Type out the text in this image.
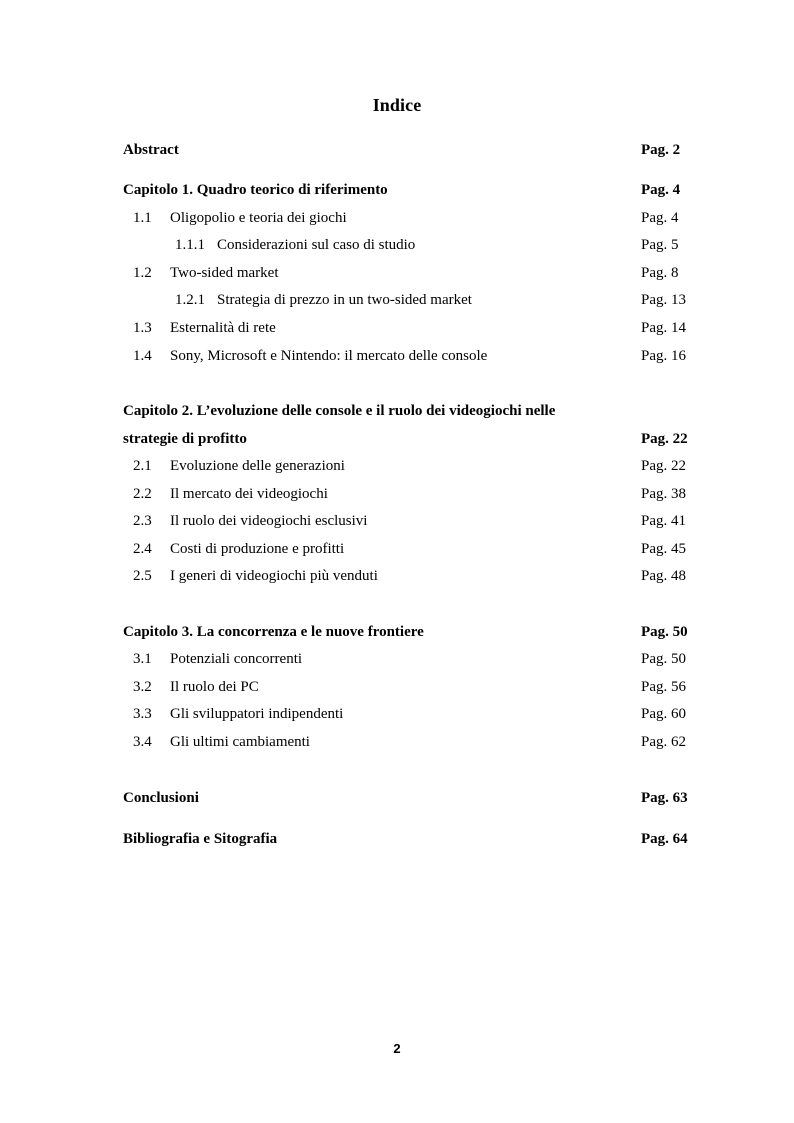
Indice
Abstract	Pag. 2
Capitolo 1. Quadro teorico di riferimento	Pag. 4
1.1 Oligopolio e teoria dei giochi	Pag. 4
1.1.1 Considerazioni sul caso di studio	Pag. 5
1.2 Two-sided market	Pag. 8
1.2.1 Strategia di prezzo in un two-sided market	Pag. 13
1.3 Esternalità di rete	Pag. 14
1.4 Sony, Microsoft e Nintendo: il mercato delle console	Pag. 16
Capitolo 2. L’evoluzione delle console e il ruolo dei videogiochi nelle
strategie di profitto	Pag. 22
2.1 Evoluzione delle generazioni	Pag. 22
2.2 Il mercato dei videogiochi	Pag. 38
2.3 Il ruolo dei videogiochi esclusivi	Pag. 41
2.4 Costi di produzione e profitti	Pag. 45
2.5 I generi di videogiochi più venduti	Pag. 48
Capitolo 3. La concorrenza e le nuove frontiere	Pag. 50
3.1 Potenziali concorrenti	Pag. 50
3.2 Il ruolo dei PC	Pag. 56
3.3 Gli sviluppatori indipendenti	Pag. 60
3.4 Gli ultimi cambiamenti	Pag. 62
Conclusioni	Pag. 63
Bibliografia e Sitografia	Pag. 64
2
